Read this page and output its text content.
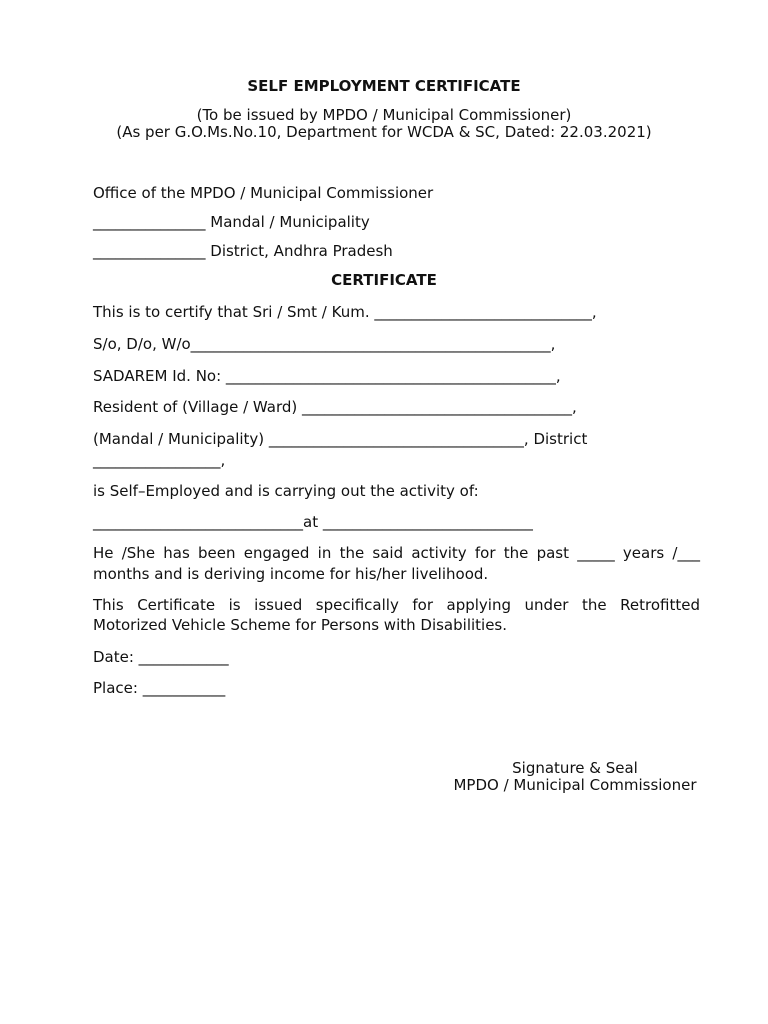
SELF EMPLOYMENT CERTIFICATE
(To be issued by MPDO / Municipal Commissioner)
(As per G.O.Ms.No.10, Department for WCDA & SC, Dated: 22.03.2021)
Office of the MPDO / Municipal Commissioner
_______________ Mandal / Municipality
_______________ District, Andhra Pradesh
CERTIFICATE
This is to certify that Sri / Smt / Kum. _____________________________,
S/o, D/o, W/o________________________________________________,
SADAREM Id. No: ____________________________________________,
Resident of (Village / Ward) ____________________________________,
(Mandal / Municipality) __________________________________, District
_________________,
is Self–Employed and is carrying out the activity of:
____________________________at ____________________________
He /She has been engaged in the said activity for the past _____ years /___
months and is deriving income for his/her livelihood.
This Certificate is issued specifically for applying under the Retrofitted
Motorized Vehicle Scheme for Persons with Disabilities.
Date: ____________
Place: ___________
Signature & Seal
MPDO / Municipal Commissioner
